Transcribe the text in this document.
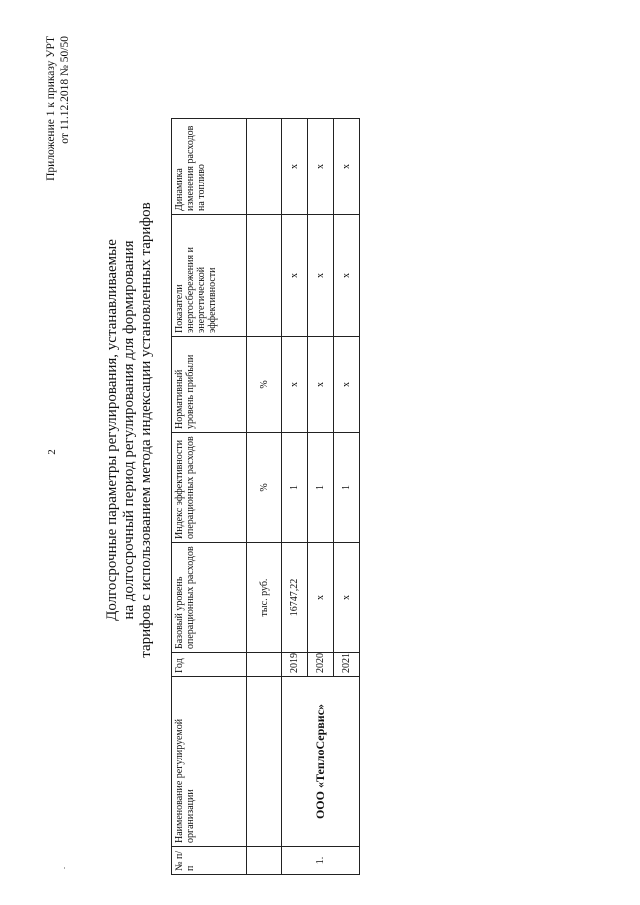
2
Приложение 1 к приказу УРТ от 11.12.2018 № 50/50
Долгосрочные параметры регулирования, устанавливаемые на долгосрочный период регулирования для формирования тарифов с использованием метода индексации установленных тарифов
№ п/п	Наименование регулируемой организации	Год	Базовый уровень операционных расходов	Индекс эффективности операционных расходов	Нормативный уровень прибыли	Показатели энергосбережения и энергетической эффективности	Динамика изменения расходов на топливо
			тыс. руб.	%	%		
1.	ООО «ТеплоСервис»	2019	16747,22	1	х	х	х
		2020	х	1	х	х	х
		2021	х	1	х	х	х
